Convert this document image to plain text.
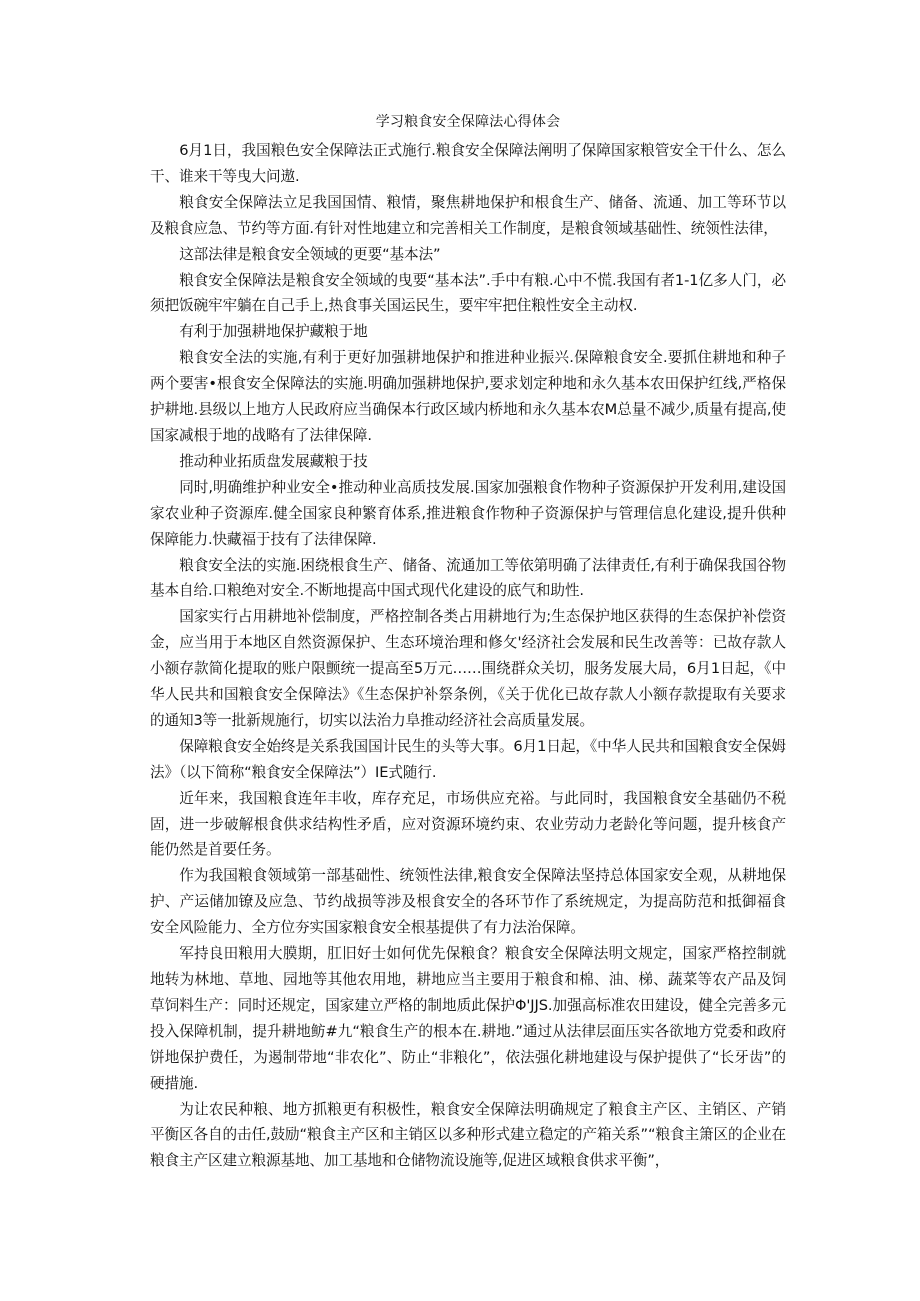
学习粮食安全保障法心得体会

6月1日，我国粮色安全保障法正式施行.粮食安全保障法阐明了保障国家粮管安全干什么、怎么干、谁来干等曳大问遨.

粮食安全保障法立足我国国情、粮情，聚焦耕地保护和根食生产、储备、流通、加工等环节以及粮食应急、节约等方面.有针对性地建立和完善相关工作制度，是粮食领域基础性、统领性法律，

这部法律是粮食安全领域的更要“基本法”

粮食安全保障法是粮食安全领域的曳要“基本法”.手中有粮.心中不慌.我国有者1-1亿多人门，必须把饭碗牢牢躺在自己手上,热食事关国运民生，要牢牢把住粮性安全主动权.

有利于加强耕地保护藏粮于地

粮食安全法的实施,有利于更好加强耕地保护和推进种业振兴.保障粮食安全.要抓住耕地和种子两个要害•根食安全保障法的实施.明确加强耕地保护,要求划定种地和永久基本农田保护红线,严格保护耕地.县级以上地方人民政府应当确保本行政区域内桥地和永久基本农M总量不减少,质量有提高,使国家减根于地的战略有了法律保障.

推动种业拓质盘发展藏粮于技

同时,明确维护种业安全•推动种业高质技发展.国家加强粮食作物种子资源保护开发利用,建设国家农业种子资源库.健全国家良种繁育体系,推进粮食作物种子资源保护与管理信息化建设,提升供种保障能力.快藏福于技有了法律保障.

粮食安全法的实施.困绕根食生产、储备、流通加工等依第明确了法律责任,有利于确保我国谷物基本自给.口粮绝对安全.不断地提高中国式现代化建设的底气和助性.

国家实行占用耕地补偿制度，严格控制各类占用耕地行为;生态保护地区获得的生态保护补偿资金，应当用于本地区自然资源保护、生态环境治理和修攵'经济社会发展和民生改善等：已故存款人小额存款简化提取的账户限颤统一提高至5万元……围绕群众关切，服务发展大局，6月1日起，《中华人民共和国粮食安全保障法》《生态保护补祭条例，《关于优化已故存款人小额存款提取有关要求的通知3等一批新规施行，切实以法治力阜推动经济社会高质量发展。

保障粮食安全始终是关系我国国计民生的头等大事。6月1日起，《中华人民共和国粮食安全保姆法》（以下简称“粮食安全保障法”）IE式随行.

近年来，我国粮食连年丰收，库存充足，市场供应充裕。与此同时，我国粮食安全基础仍不税固，进一步破解根食供求结构性矛盾，应对资源环境约束、农业劳动力老龄化等问题，提升核食产能仍然是首要任务。

作为我国粮食领域第一部基础性、统领性法律,粮食安全保障法坚持总体国家安全观，从耕地保护、产运储加镣及应急、节约战损等涉及根食安全的各环节作了系统规定，为提高防范和抵御福食安全风险能力、全方位夯实国家粮食安全根基提供了有力法治保障。

军持良田粮用大膜期，肛旧好士如何优先保粮食？粮食安全保障法明文规定，国家严格控制就地转为林地、草地、园地等其他农用地，耕地应当主要用于粮食和棉、油、梯、蔬菜等农产品及饲草饲料生产：同时还规定，国家建立严格的制地质此保护Φ'JJS.加强高标准农田建设，健全完善多元投入保障机制，提升耕地鲂#九“粮食生产的根本在.耕地.”通过从法律层面压实各欲地方党委和政府饼地保护费任，为遏制带地“非农化”、防止“非粮化”，依法强化耕地建设与保护提供了“长牙齿”的硬措施.

为让农民种粮、地方抓粮更有积极性，粮食安全保障法明确规定了粮食主产区、主销区、产销平衡区各自的击任,鼓励“粮食主产区和主销区以多种形式建立稳定的产箱关系”“粮食主箫区的企业在粮食主产区建立粮源基地、加工基地和仓储物流设施等,促进区域粮食供求平衡”，
